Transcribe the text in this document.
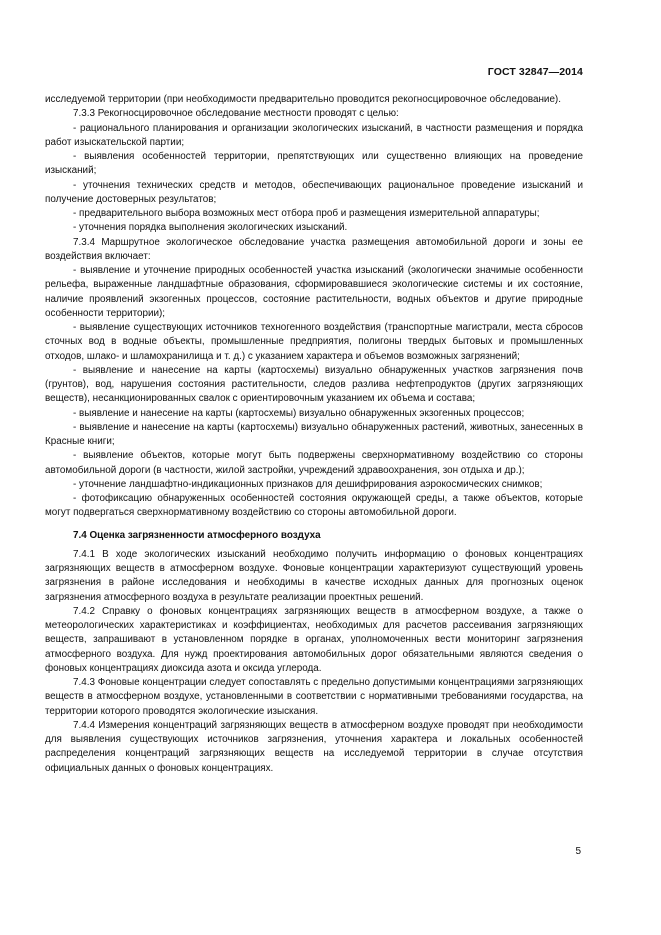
ГОСТ 32847—2014

исследуемой территории (при необходимости предварительно проводится рекогносцировочное обследование).

7.3.3 Рекогносцировочное обследование местности проводят с целью:

- рационального планирования и организации экологических изысканий, в частности размещения и порядка работ изыскательской партии;

- выявления особенностей территории, препятствующих или существенно влияющих на проведение изысканий;

- уточнения технических средств и методов, обеспечивающих рациональное проведение изысканий и получение достоверных результатов;

- предварительного выбора возможных мест отбора проб и размещения измерительной аппаратуры;

- уточнения порядка выполнения экологических изысканий.

7.3.4 Маршрутное экологическое обследование участка размещения автомобильной дороги и зоны ее воздействия включает:

- выявление и уточнение природных особенностей участка изысканий (экологически значимые особенности рельефа, выраженные ландшафтные образования, сформировавшиеся экологические системы и их состояние, наличие проявлений экзогенных процессов, состояние растительности, водных объектов и другие природные особенности территории);

- выявление существующих источников техногенного воздействия (транспортные магистрали, места сбросов сточных вод в водные объекты, промышленные предприятия, полигоны твердых бытовых и промышленных отходов, шлако- и шламохранилища и т. д.) с указанием характера и объемов возможных загрязнений;

- выявление и нанесение на карты (картосхемы) визуально обнаруженных участков загрязнения почв (грунтов), вод, нарушения состояния растительности, следов разлива нефтепродуктов (других загрязняющих веществ), несанкционированных свалок с ориентировочным указанием их объема и состава;

- выявление и нанесение на карты (картосхемы) визуально обнаруженных экзогенных процессов;

- выявление и нанесение на карты (картосхемы) визуально обнаруженных растений, животных, занесенных в Красные книги;

- выявление объектов, которые могут быть подвержены сверхнормативному воздействию со стороны автомобильной дороги (в частности, жилой застройки, учреждений здравоохранения, зон отдыха и др.);

- уточнение ландшафтно-индикационных признаков для дешифрирования аэрокосмических снимков;

- фотофиксацию обнаруженных особенностей состояния окружающей среды, а также объектов, которые могут подвергаться сверхнормативному воздействию со стороны автомобильной дороги.

7.4 Оценка загрязненности атмосферного воздуха

7.4.1 В ходе экологических изысканий необходимо получить информацию о фоновых концентрациях загрязняющих веществ в атмосферном воздухе. Фоновые концентрации характеризуют существующий уровень загрязнения в районе исследования и необходимы в качестве исходных данных для прогнозных оценок загрязнения атмосферного воздуха в результате реализации проектных решений.

7.4.2 Справку о фоновых концентрациях загрязняющих веществ в атмосферном воздухе, а также о метеорологических характеристиках и коэффициентах, необходимых для расчетов рассеивания загрязняющих веществ, запрашивают в установленном порядке в органах, уполномоченных вести мониторинг загрязнения атмосферного воздуха. Для нужд проектирования автомобильных дорог обязательными являются сведения о фоновых концентрациях диоксида азота и оксида углерода.

7.4.3 Фоновые концентрации следует сопоставлять с предельно допустимыми концентрациями загрязняющих веществ в атмосферном воздухе, установленными в соответствии с нормативными требованиями государства, на территории которого проводятся экологические изыскания.

7.4.4 Измерения концентраций загрязняющих веществ в атмосферном воздухе проводят при необходимости для выявления существующих источников загрязнения, уточнения характера и локальных особенностей распределения концентраций загрязняющих веществ на исследуемой территории в случае отсутствия официальных данных о фоновых концентрациях.

5
